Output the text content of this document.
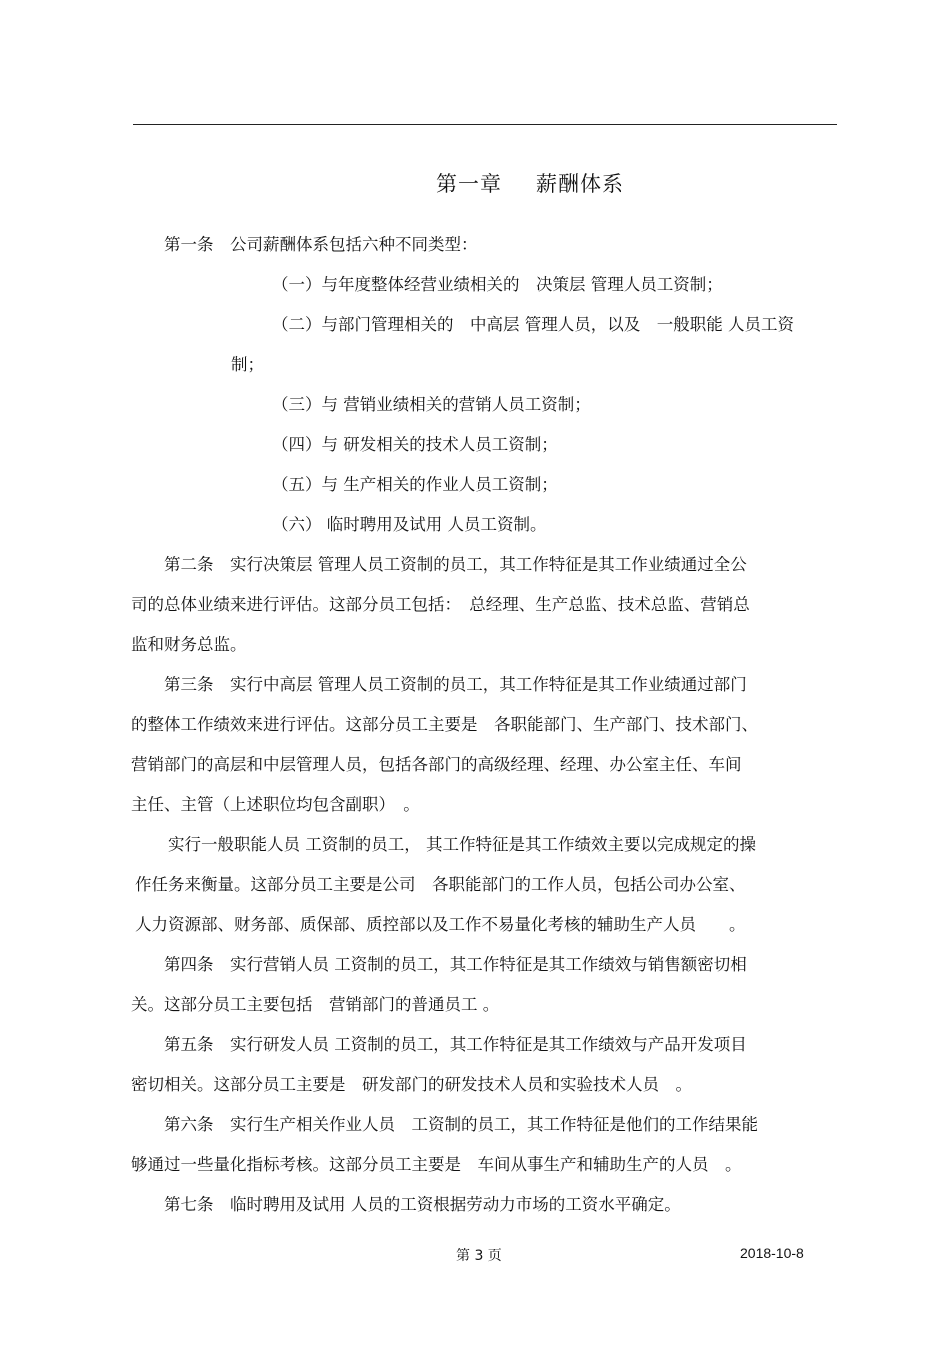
第一章 薪酬体系
第一条　公司薪酬体系包括六种不同类型：
（一）与年度整体经营业绩相关的　决策层 管理人员工资制；
（二）与部门管理相关的　中高层 管理人员，以及　一般职能 人员工资
制；
（三）与 营销业绩相关的营销人员工资制；
（四）与 研发相关的技术人员工资制；
（五）与 生产相关的作业人员工资制；
（六） 临时聘用及试用 人员工资制。
第二条　实行决策层 管理人员工资制的员工，其工作特征是其工作业绩通过全公
司的总体业绩来进行评估。这部分员工包括：　总经理、生产总监、技术总监、营销总
监和财务总监。
第三条　实行中高层 管理人员工资制的员工，其工作特征是其工作业绩通过部门
的整体工作绩效来进行评估。这部分员工主要是　各职能部门、生产部门、技术部门、
营销部门的高层和中层管理人员，包括各部门的高级经理、经理、办公室主任、车间
主任、主管（上述职位均包含副职）　。
实行一般职能人员 工资制的员工， 其工作特征是其工作绩效主要以完成规定的操
作任务来衡量。这部分员工主要是公司　各职能部门的工作人员，包括公司办公室、
人力资源部、财务部、质保部、质控部以及工作不易量化考核的辅助生产人员　　。
第四条　实行营销人员 工资制的员工，其工作特征是其工作绩效与销售额密切相
关。这部分员工主要包括　营销部门的普通员工 。
第五条　实行研发人员 工资制的员工，其工作特征是其工作绩效与产品开发项目
密切相关。这部分员工主要是　研发部门的研发技术人员和实验技术人员　。
第六条　实行生产相关作业人员　工资制的员工，其工作特征是他们的工作结果能
够通过一些量化指标考核。这部分员工主要是　车间从事生产和辅助生产的人员　。
第七条　临时聘用及试用 人员的工资根据劳动力市场的工资水平确定。
第 3 页	2018-10-8
